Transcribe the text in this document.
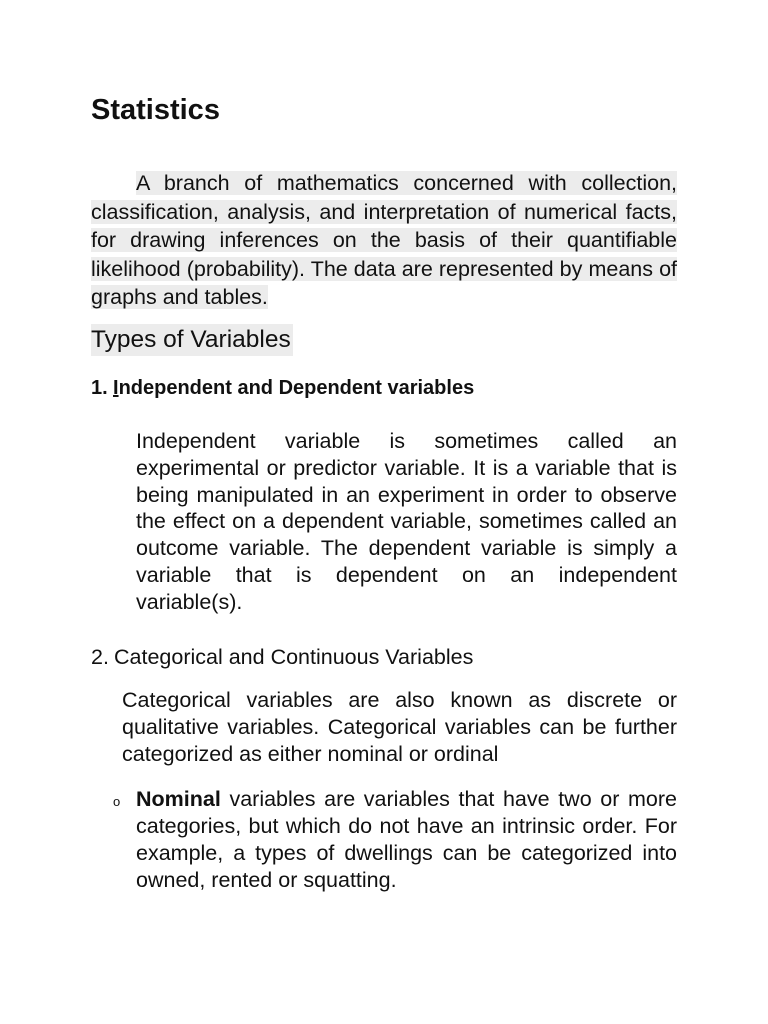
Statistics

A branch of mathematics concerned with collection, classification, analysis, and interpretation of numerical facts, for drawing inferences on the basis of their quantifiable likelihood (probability). The data are represented by means of graphs and tables.

Types of Variables
1. Independent and Dependent variables

Independent variable is sometimes called an experimental or predictor variable. It is a variable that is being manipulated in an experiment in order to observe the effect on a dependent variable, sometimes called an outcome variable. The dependent variable is simply a variable that is dependent on an independent variable(s).

2. Categorical and Continuous Variables

Categorical variables are also known as discrete or qualitative variables. Categorical variables can be further categorized as either nominal or ordinal

o Nominal variables are variables that have two or more categories, but which do not have an intrinsic order. For example, a types of dwellings can be categorized into owned, rented or squatting.
